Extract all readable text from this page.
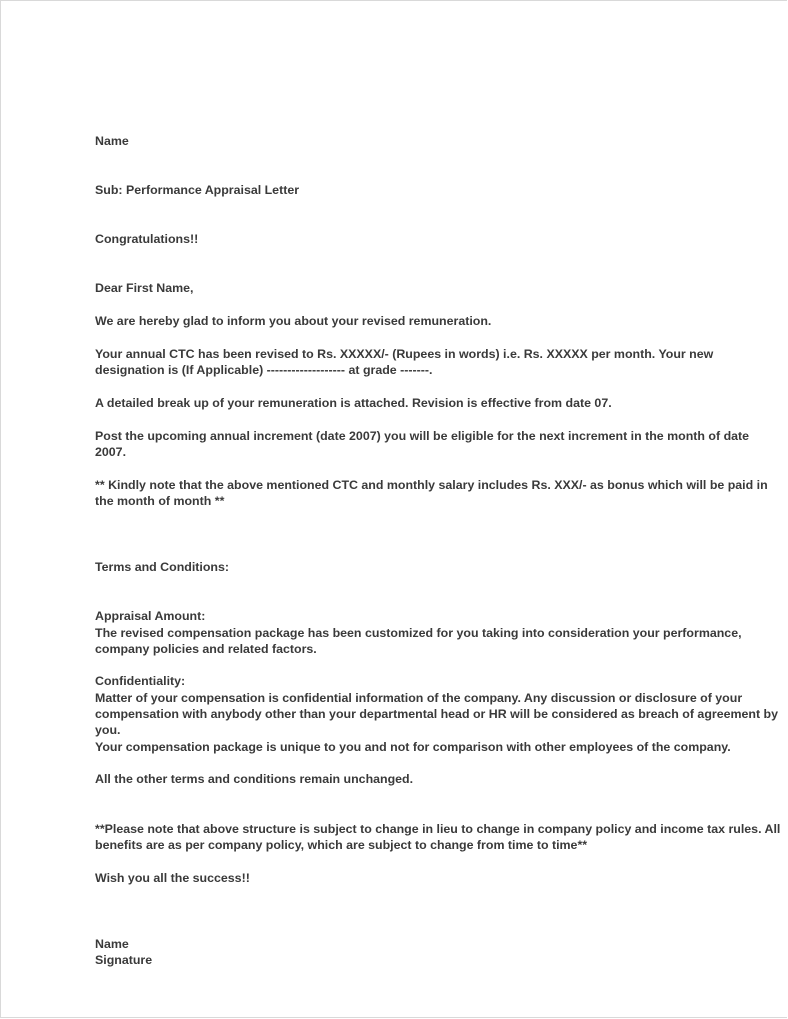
Name
Sub: Performance Appraisal Letter
Congratulations!!
Dear First Name,
We are hereby glad to inform you about your revised remuneration.
Your annual CTC has been revised to Rs. XXXXX/- (Rupees in words) i.e. Rs. XXXXX per month. Your new
designation is (If Applicable) ------------------- at grade -------.
A detailed break up of your remuneration is attached. Revision is effective from date 07.
Post the upcoming annual increment (date 2007) you will be eligible for the next increment in the month of date
2007.
** Kindly note that the above mentioned CTC and monthly salary includes Rs. XXX/- as bonus which will be paid in
the month of month **
Terms and Conditions:
Appraisal Amount:
The revised compensation package has been customized for you taking into consideration your performance,
company policies and related factors.
Confidentiality:
Matter of your compensation is confidential information of the company. Any discussion or disclosure of your
compensation with anybody other than your departmental head or HR will be considered as breach of agreement by
you.
Your compensation package is unique to you and not for comparison with other employees of the company.
All the other terms and conditions remain unchanged.
**Please note that above structure is subject to change in lieu to change in company policy and income tax rules. All
benefits are as per company policy, which are subject to change from time to time**
Wish you all the success!!
Name
Signature
